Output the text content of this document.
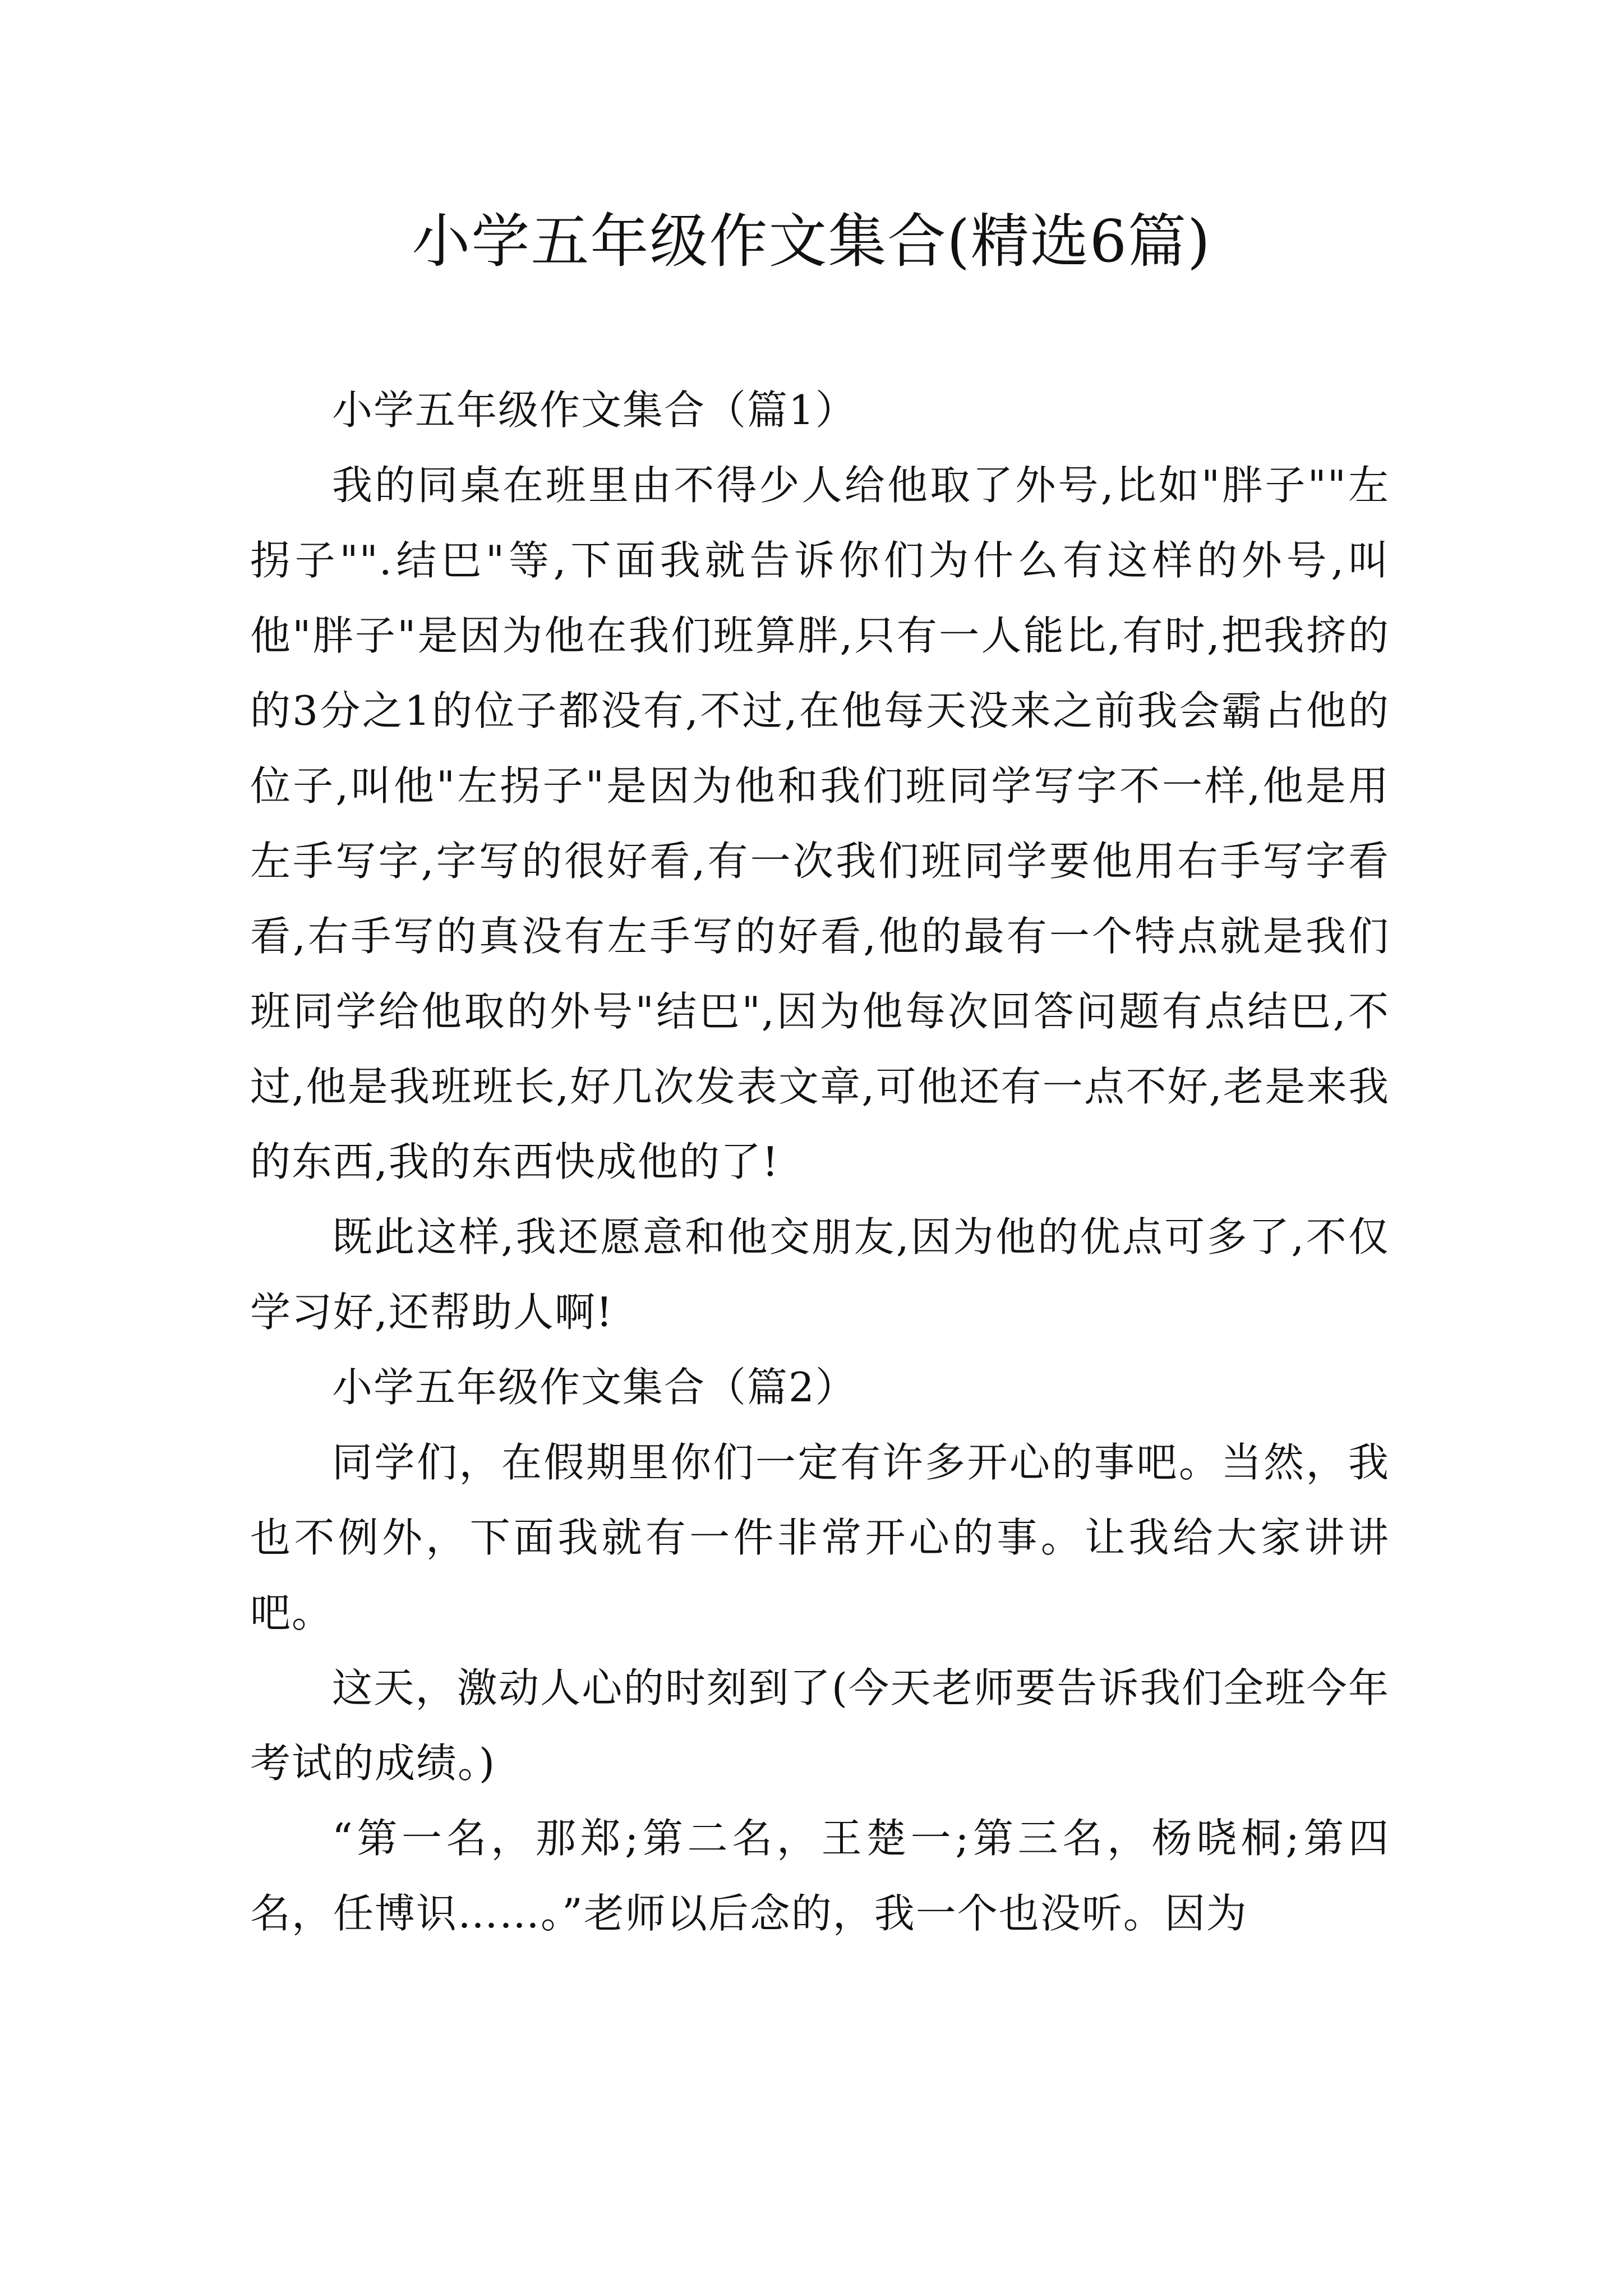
小学五年级作文集合(精选6篇)

小学五年级作文集合（篇1）

我的同桌在班里由不得少人给他取了外号,比如"胖子""左拐子"".结巴"等,下面我就告诉你们为什么有这样的外号,叫他"胖子"是因为他在我们班算胖,只有一人能比,有时,把我挤的的3分之1的位子都没有,不过,在他每天没来之前我会霸占他的位子,叫他"左拐子"是因为他和我们班同学写字不一样,他是用左手写字,字写的很好看,有一次我们班同学要他用右手写字看看,右手写的真没有左手写的好看,他的最有一个特点就是我们班同学给他取的外号"结巴",因为他每次回答问题有点结巴,不过,他是我班班长,好几次发表文章,可他还有一点不好,老是来我的东西,我的东西快成他的了!

既此这样,我还愿意和他交朋友,因为他的优点可多了,不仅学习好,还帮助人啊!

小学五年级作文集合（篇2）

同学们，在假期里你们一定有许多开心的事吧。当然，我也不例外，下面我就有一件非常开心的事。让我给大家讲讲吧。

这天，激动人心的时刻到了(今天老师要告诉我们全班今年考试的成绩。)

“第一名，那郑;第二名，王楚一;第三名，杨晓桐;第四名，任博识……。”老师以后念的，我一个也没听。因为
